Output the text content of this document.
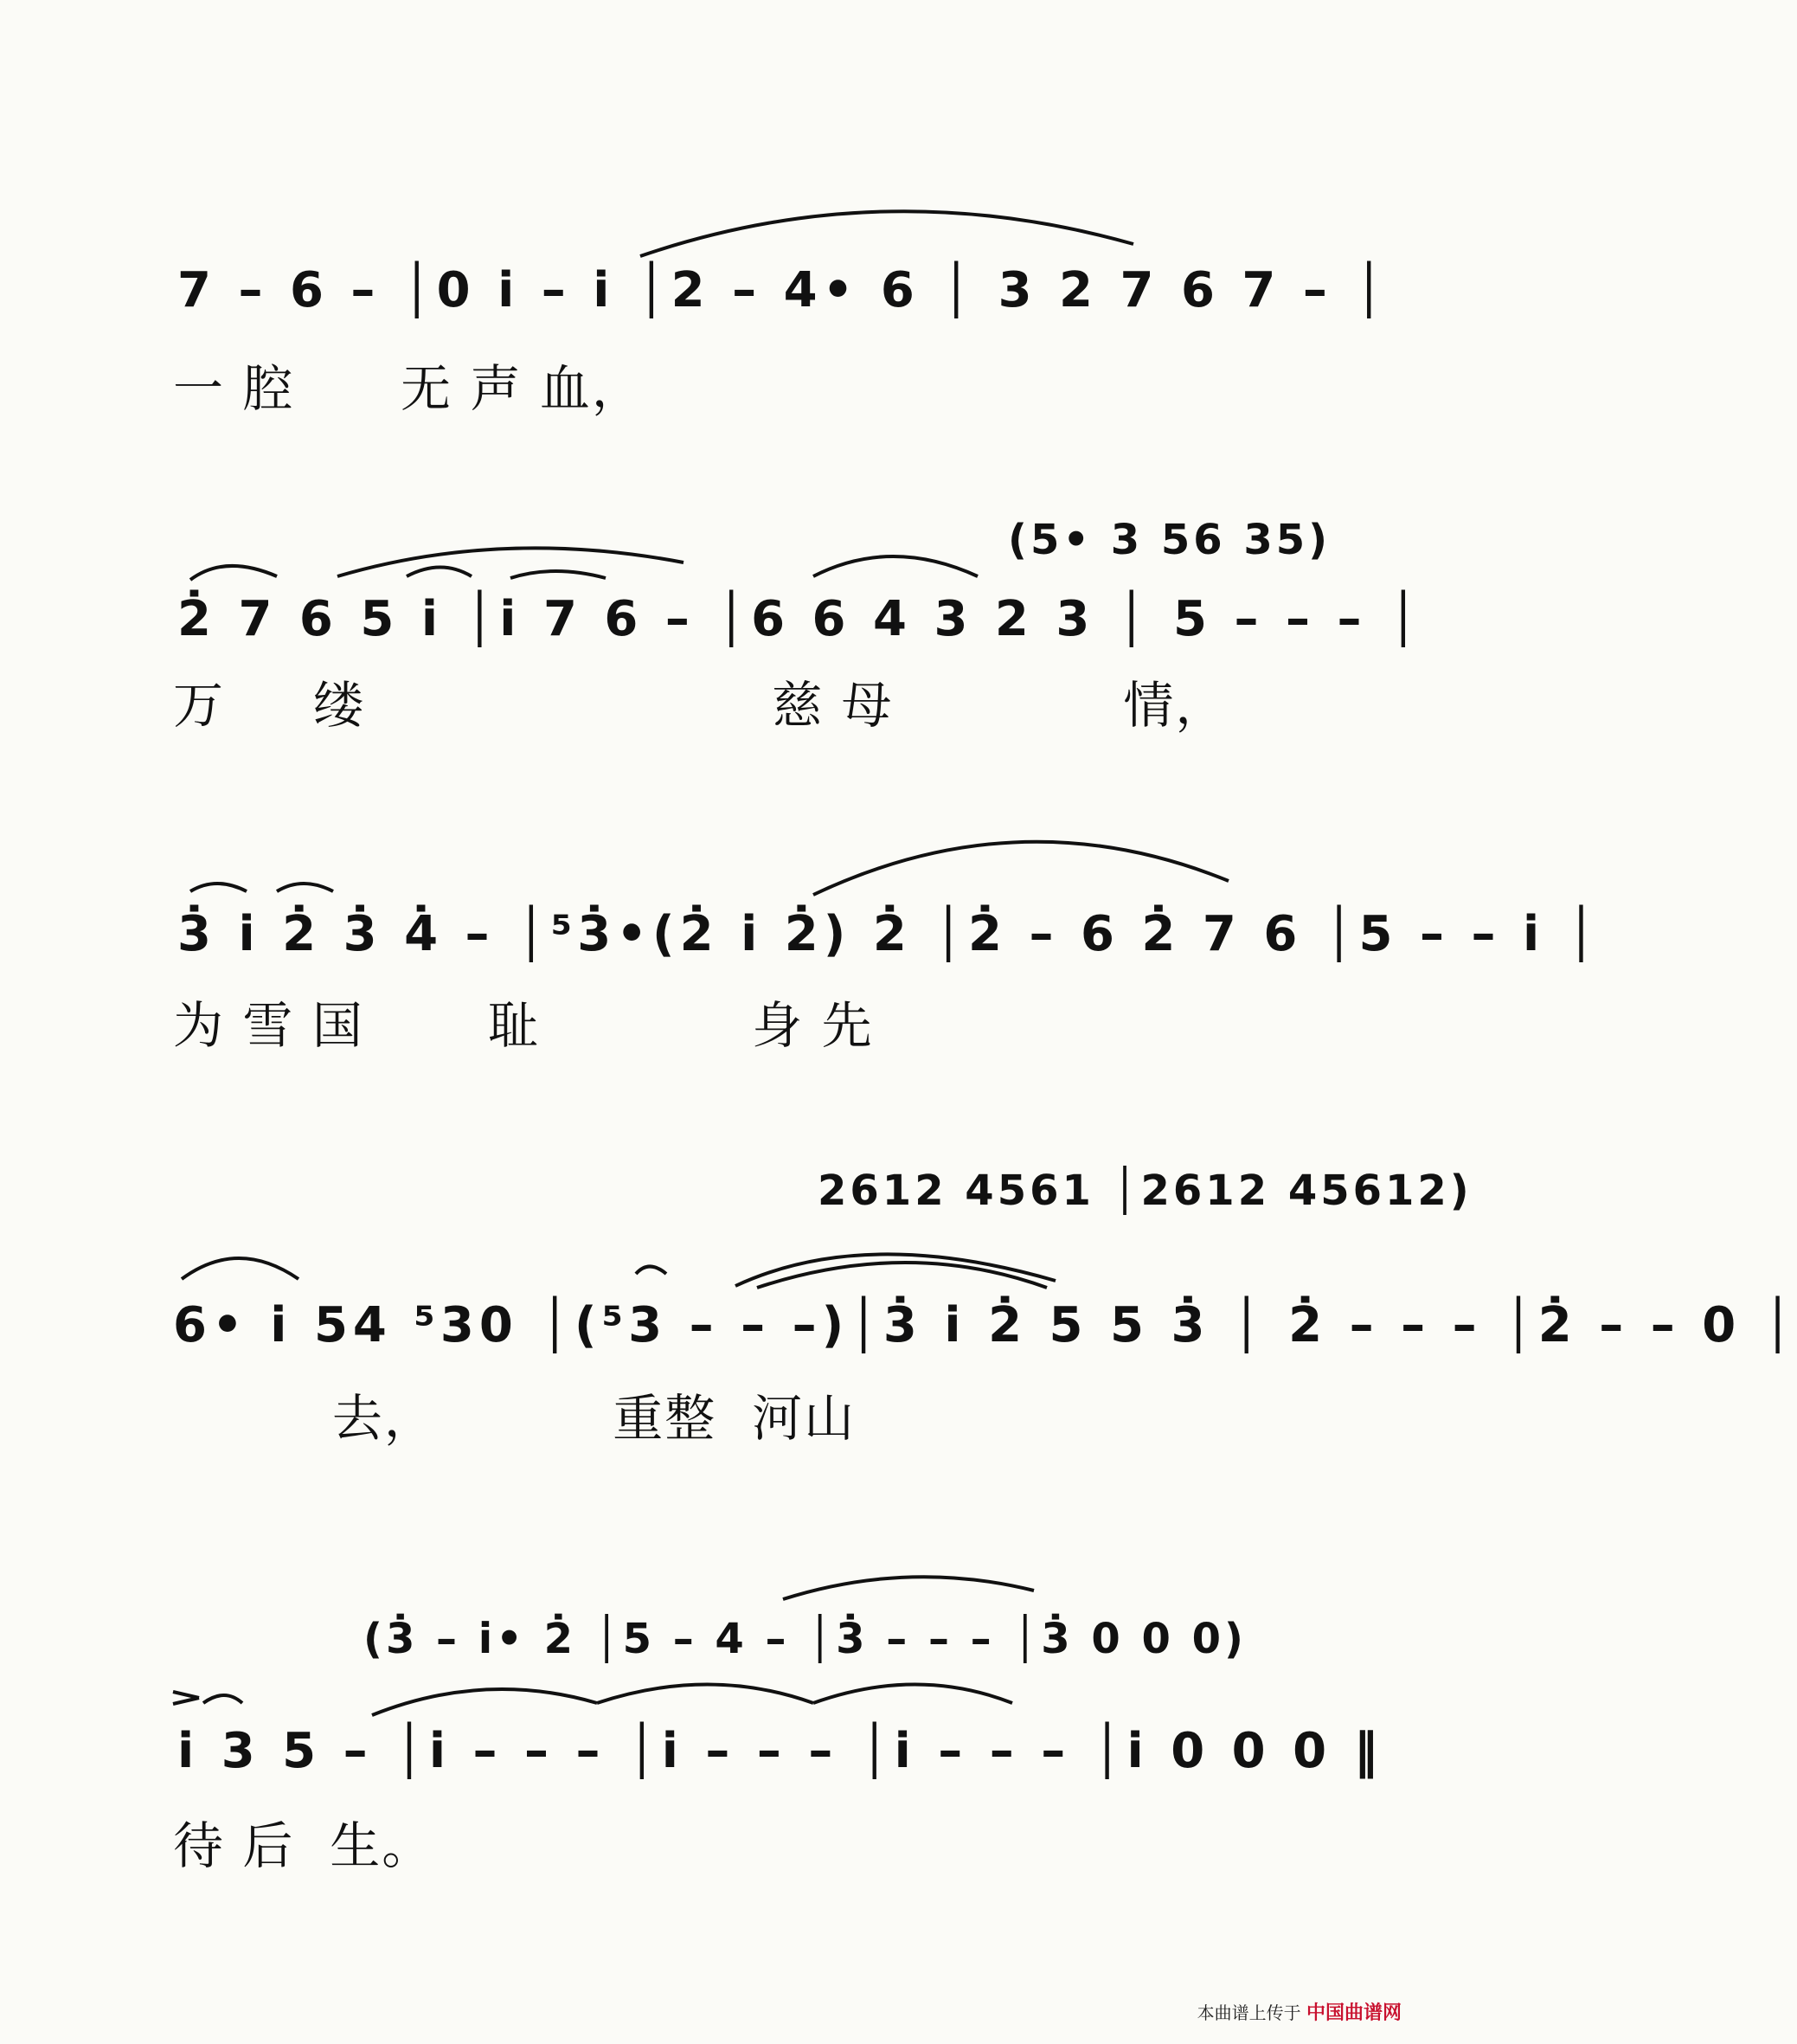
7 – 6 – │0 i̇ – i̇ │2 – 4• 6 │ 3 2 7 6 7 – │
一 腔      无 声 血，
(5• 3 56 35)
2̇ 7 6 5 i̇ │i̇ 7 6 – │6 6 4 3 2 3 │ 5 – – – │
万     缕                       慈 母             情，
3̇ i̇ 2̇ 3̇ 4̇ – │⁵3̇•(2̇ i̇ 2̇) 2̇ │2̇ – 6 2̇ 7 6 │5 – – i̇ │
为 雪 国       耻            身 先
2612 4561 │2612 45612)
6• i̇ 54 ⁵30 │(⁵3 – – –)│3̇ i̇ 2̇ 5 5 3̇ │ 2̇ – – – │2̇ – – 0 │
去，          重整  河山
(3̇ – i̇• 2̇ │5 – 4 – │3̇ – – – │3̇ 0 0 0)
i̇ 3 5 – │i̇ – – – │i̇ – – – │i̇ – – – │i̇ 0 0 0 ‖
待 后  生。
本曲谱上传于 中国曲谱网
